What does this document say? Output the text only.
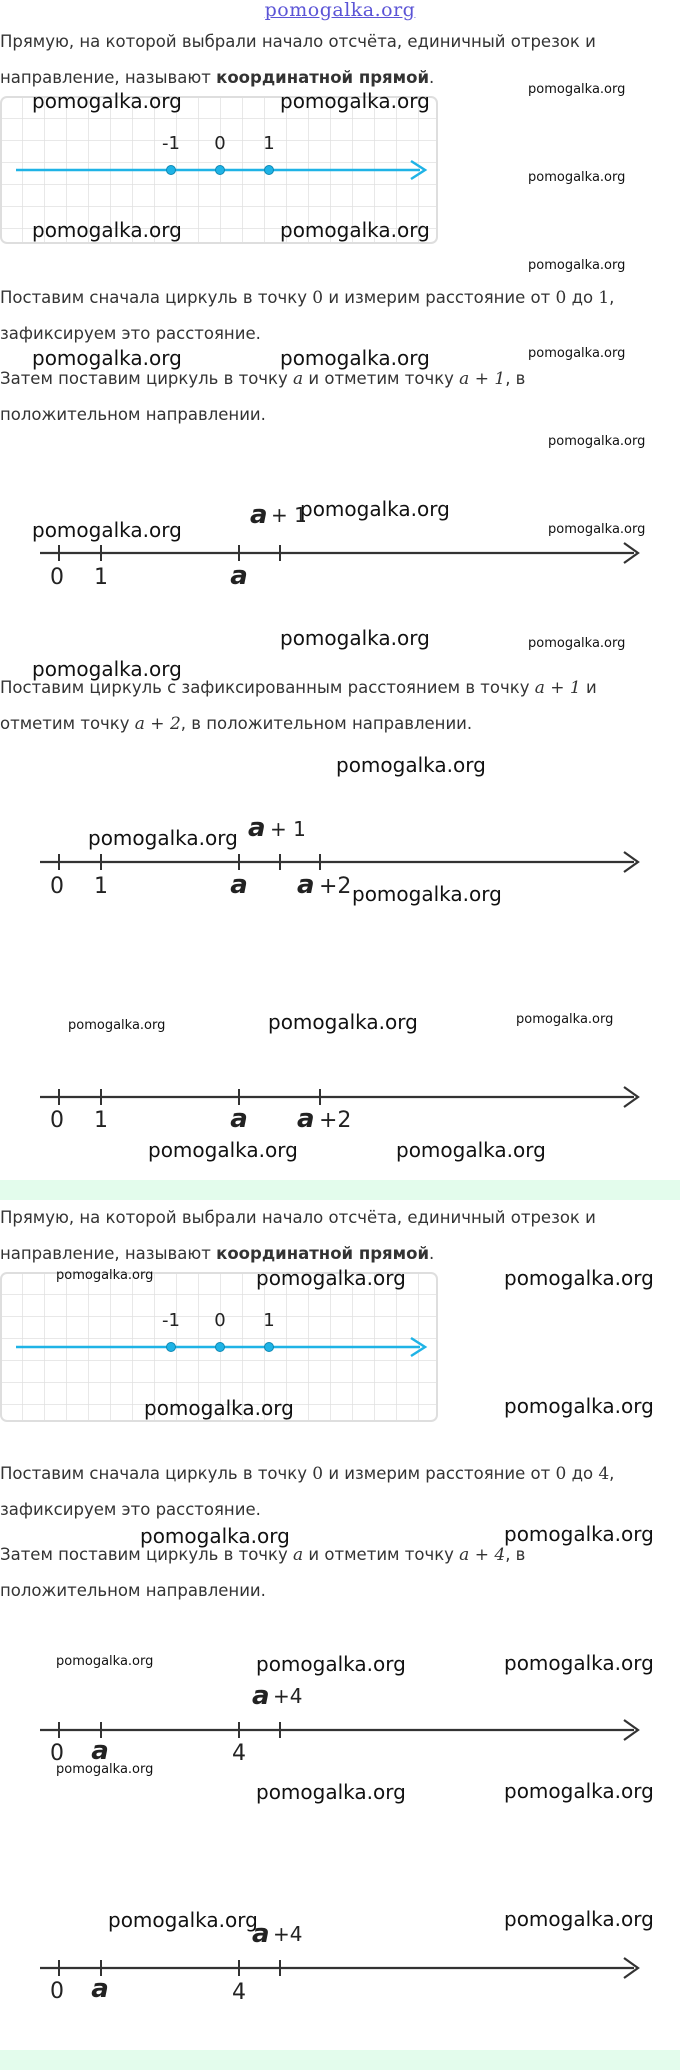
pomogalka.org
Прямую, на которой выбрали начало отсчёта, единичный отрезок и направление, называют координатной прямой.
-1 0 1
Поставим сначала циркуль в точку 0 и измерим расстояние от 0 до 1, зафиксируем это расстояние.
Затем поставим циркуль в точку a и отметим точку a + 1, в положительном направлении.
0 1	a
a + 1
Поставим циркуль с зафиксированным расстоянием в точку a + 1 и отметим точку a + 2, в положительном направлении.
0 1	a
a + 1
a +2
0 1	a a +2
Прямую, на которой выбрали начало отсчёта, единичный отрезок и направление, называют координатной прямой.
-1 0 1
Поставим сначала циркуль в точку 0 и измерим расстояние от 0 до 4, зафиксируем это расстояние.
Затем поставим циркуль в точку a и отметим точку a + 4, в положительном направлении.
0 a	4
a +4
0 a	4
a +4
pomogalka.org	pomogalka.org	pomogalka.org
pomogalka.org
pomogalka.org	pomogalka.org
pomogalka.org
pomogalka.org	pomogalka.org	pomogalka.org
pomogalka.org
pomogalka.org
pomogalka.org	pomogalka.org
pomogalka.org	pomogalka.org
pomogalka.org
pomogalka.org
pomogalka.org
pomogalka.org
pomogalka.org	pomogalka.org	pomogalka.org
pomogalka.org	pomogalka.org
pomogalka.org	pomogalka.org	pomogalka.org
pomogalka.org	pomogalka.org
pomogalka.org	pomogalka.org
pomogalka.org	pomogalka.org	pomogalka.org
pomogalka.org
pomogalka.org	pomogalka.org
pomogalka.org	pomogalka.org
